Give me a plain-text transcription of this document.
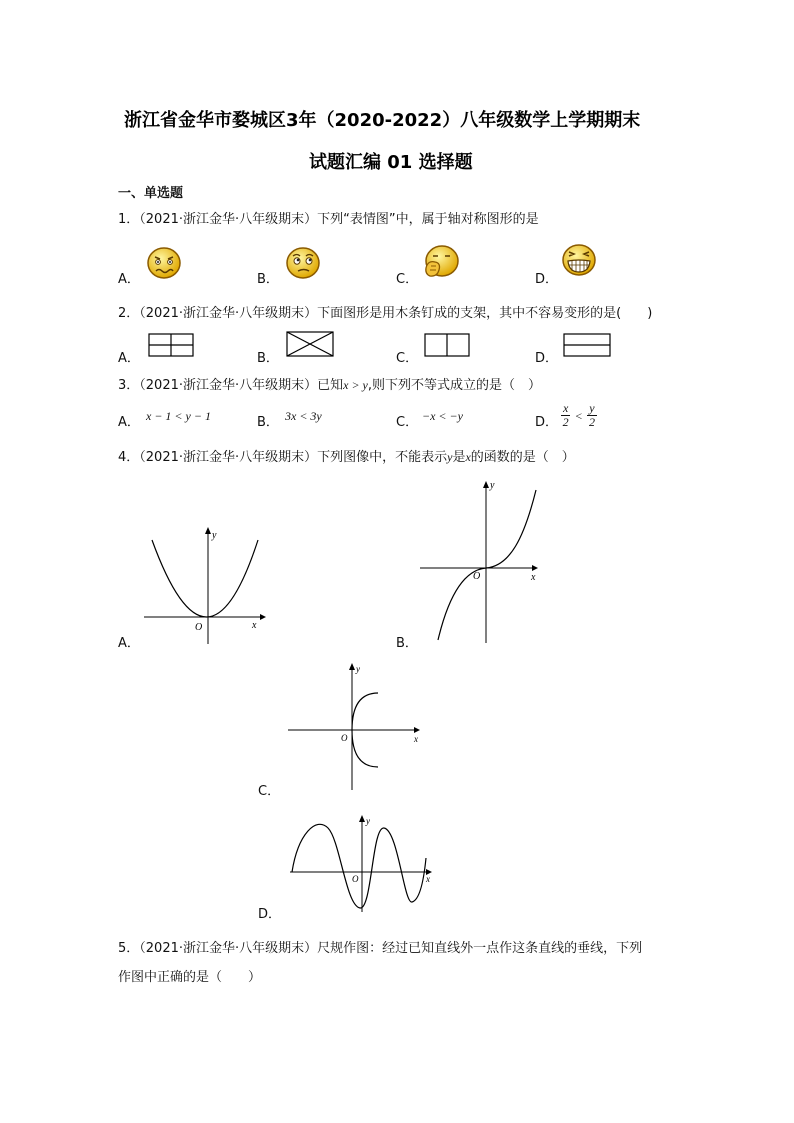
浙江省金华市婺城区3年（2020-2022）八年级数学上学期期末
试题汇编 01 选择题
一、单选题
1．（2021·浙江金华·八年级期末）下列“表情图”中，属于轴对称图形的是
A．	B．	C．	D．
2．（2021·浙江金华·八年级期末）下面图形是用木条钉成的支架，其中不容易变形的是(　　)
A．	B．	C．	D．
3．（2021·浙江金华·八年级期末）已知x > y,则下列不等式成立的是（　）
A． x − 1 < y − 1	B． 3x < 3y	C． −x < −y	D． $\frac{x}{2} < \frac{y}{2}$
4．（2021·浙江金华·八年级期末）下列图像中，不能表示y是x的函数的是（　）
A．	B．
C．
D．
y
x
O
y
x
O
y
x
O
y
x
O
5．（2021·浙江金华·八年级期末）尺规作图：经过已知直线外一点作这条直线的垂线，下列
作图中正确的是（　　）
